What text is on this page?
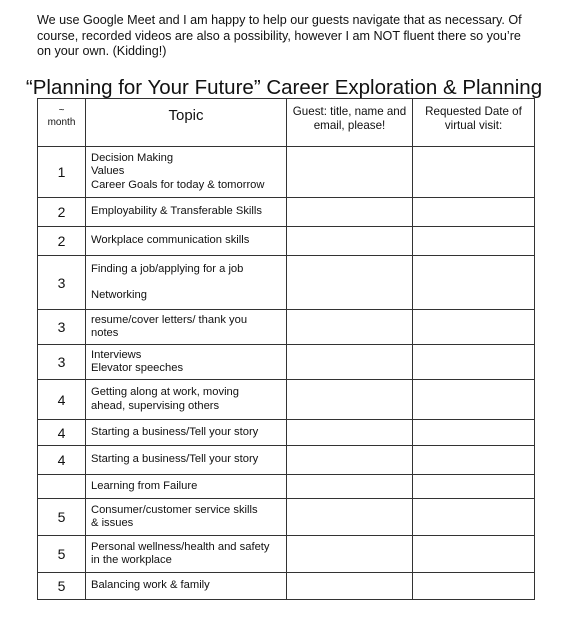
We use Google Meet and I am happy to help our guests navigate that as necessary. Of course, recorded videos are also a possibility, however I am NOT fluent there so you’re on your own. (Kidding!)

“Planning for Your Future” Career Exploration & Planning
~
month	Topic	Guest: title, name and email, please!	Requested Date of virtual visit:
1	Decision Making
Values
Career Goals for today & tomorrow		

2	Employability & Transferable Skills		

2	Workplace communication skills		

3	Finding a job/applying for a job
Networking		

3	resume/cover letters/ thank you
notes		

3	Interviews
Elevator speeches		

4	Getting along at work, moving
ahead, supervising others		

4	Starting a business/Tell your story		

4	Starting a business/Tell your story		

	Learning from Failure		

5	Consumer/customer service skills
& issues		

5	Personal wellness/health and safety
in the workplace		

5	Balancing work & family		
